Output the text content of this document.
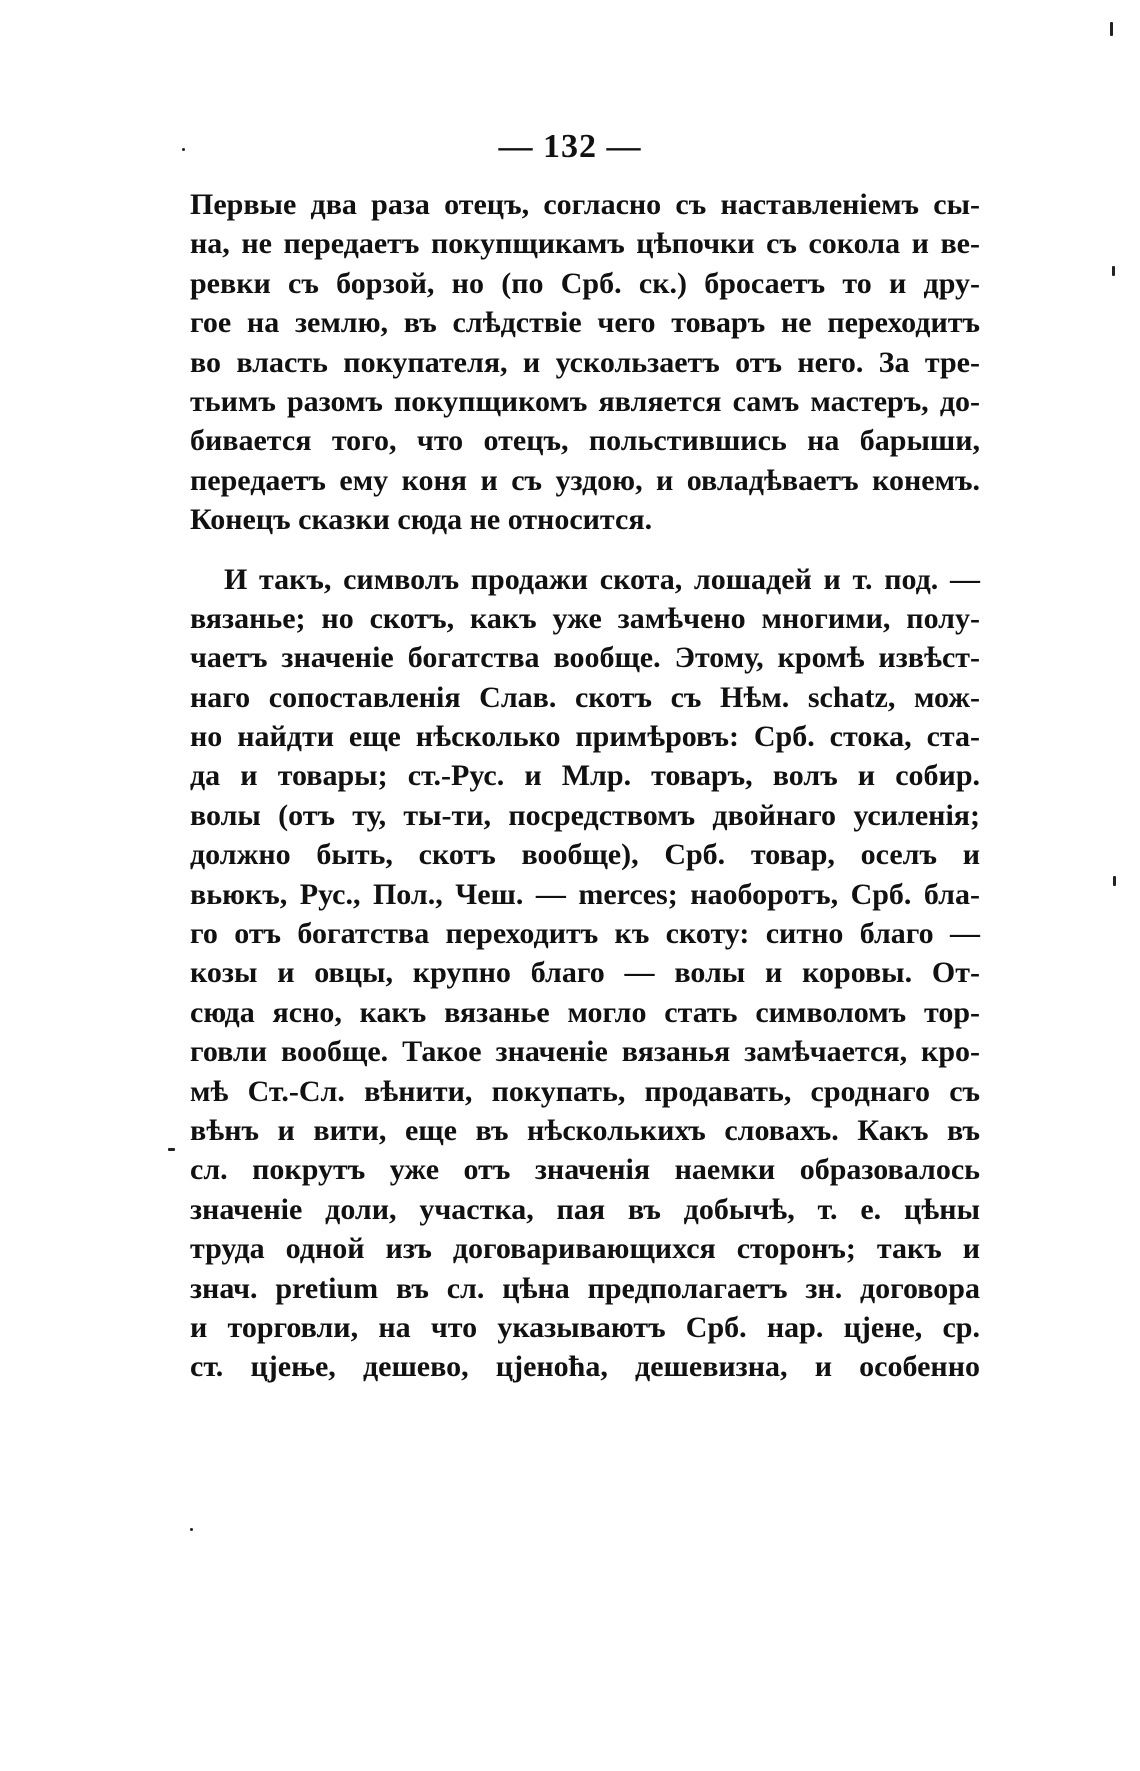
— 132 —
Первые два раза отецъ, согласно съ наставленіемъ сы-
на, не передаетъ покупщикамъ цѣпочки съ сокола и ве-
ревки съ борзой, но (по Срб. ск.) бросаетъ то и дру-
гое на землю, въ слѣдствіе чего товаръ не переходитъ
во власть покупателя, и ускользаетъ отъ него. За тре-
тьимъ разомъ покупщикомъ является самъ мастеръ, до-
бивается того, что отецъ, польстившись на барыши,
передаетъ ему коня и съ уздою, и овладѣваетъ конемъ.
Конецъ сказки сюда не относится.
И такъ, символъ продажи скота, лошадей и т. под. —
вязанье; но скотъ, какъ уже замѣчено многими, полу-
чаетъ значеніе богатства вообще. Этому, кромѣ извѣст-
наго сопоставленія Слав. скотъ съ Нѣм. schatz, мож-
но найдти еще нѣсколько примѣровъ: Срб. стока, ста-
да и товары; ст.-Рус. и Млр. товаръ, волъ и собир.
волы (отъ ту, ты-ти, посредствомъ двойнаго усиленія;
должно быть, скотъ вообще), Срб. товар, оселъ и
вьюкъ, Рус., Пол., Чеш. — merces; наоборотъ, Срб. бла-
го отъ богатства переходитъ къ скоту: ситно благо —
козы и овцы, крупно благо — волы и коровы. От-
сюда ясно, какъ вязанье могло стать символомъ тор-
говли вообще. Такое значеніе вязанья замѣчается, кро-
мѣ Ст.-Сл. вѣнити, покупать, продавать, сроднаго съ
вѣнъ и вити, еще въ нѣсколькихъ словахъ. Какъ въ
сл. покрутъ уже отъ значенія наемки образовалось
значеніе доли, участка, пая въ добычѣ, т. е. цѣны
труда одной изъ договаривающихся сторонъ; такъ и
знач. pretium въ сл. цѣна предполагаетъ зн. договора
и торговли, на что указываютъ Срб. нар. цjене, ср.
ст. цjење, дешево, цjеноћа, дешевизна, и особенно
